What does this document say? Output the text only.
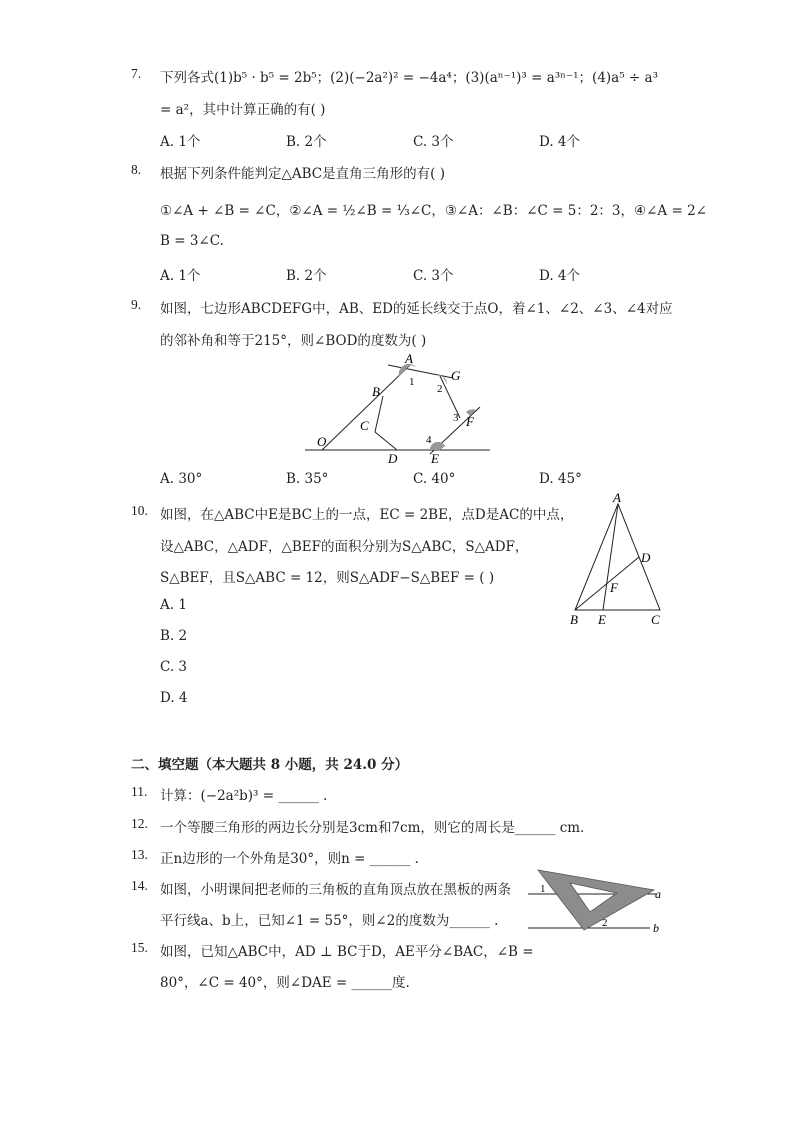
7. 下列各式(1)b⁵ · b⁵ = 2b⁵；(2)(−2a²)² = −4a⁴；(3)(aⁿ⁻¹)³ = a³ⁿ⁻¹；(4)a⁵ ÷ a³
= a²，其中计算正确的有( )
A. 1个	B. 2个	C. 3个	D. 4个
8. 根据下列条件能判定△ABC是直角三角形的有( )
①∠A + ∠B = ∠C，②∠A = ½∠B = ⅓∠C，③∠A：∠B：∠C = 5：2：3，④∠A = 2∠
B = 3∠C.
A. 1个	B. 2个	C. 3个	D. 4个
9. 如图，七边形ABCDEFG中，AB、ED的延长线交于点O，着∠1、∠2、∠3、∠4对应
的邻补角和等于215°，则∠BOD的度数为( )
A
G
B
C	F
O
D	E
1
2
3
4
A. 30°	B. 35°	C. 40°	D. 45°
10. 如图，在△ABC中E是BC上的一点，EC = 2BE，点D是AC的中点，
设△ABC，△ADF，△BEF的面积分别为S△ABC，S△ADF，
S△BEF，且S△ABC = 12，则S△ADF−S△BEF = ( )
A. 1
B. 2
C. 3
D. 4
A
D
F
B E	C
二、填空题（本大题共 8 小题，共 24.0 分）
11. 计算：(−2a²b)³ = ______ .
12. 一个等腰三角形的两边长分别是3cm和7cm，则它的周长是______ cm.
13. 正n边形的一个外角是30°，则n = ______ .
14. 如图，小明课间把老师的三角板的直角顶点放在黑板的两条
平行线a、b上，已知∠1 = 55°，则∠2的度数为______ .
1
2
a
b
15. 如图，已知△ABC中，AD ⊥ BC于D，AE平分∠BAC，∠B =
80°，∠C = 40°，则∠DAE = ______度.
